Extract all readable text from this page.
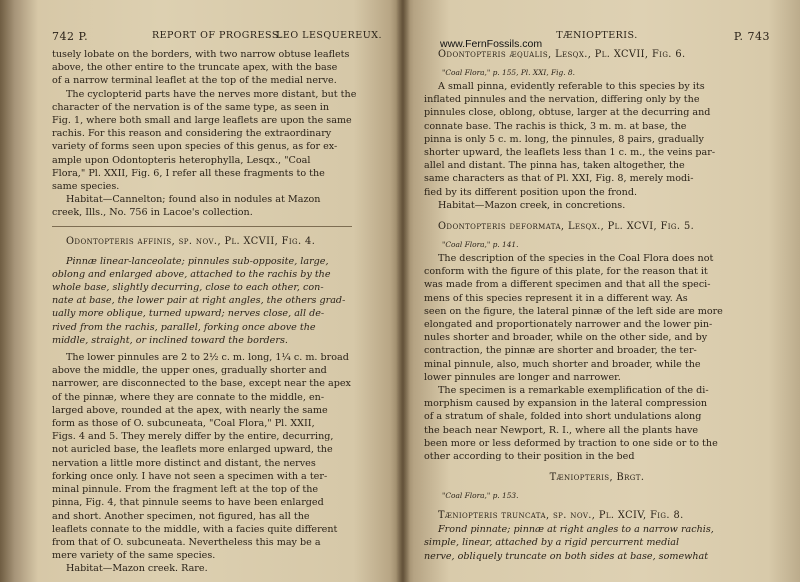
742 P.	REPORT OF PROGRESS.
LEO LESQUEREUX.

tusely lobate on the borders, with two narrow obtuse leaflets

above, the other entire to the truncate apex, with the base

of a narrow terminal leaflet at the top of the medial nerve.

The cyclopterid parts have the nerves more distant, but the

character of the nervation is of the same type, as seen in

Fig. 1, where both small and large leaflets are upon the same

rachis. For this reason and considering the extraordinary

variety of forms seen upon species of this genus, as for ex-

ample upon Odontopteris heterophylla, Lesqx., "Coal

Flora," Pl. XXII, Fig. 6, I refer all these fragments to the

same species.

Habitat—Cannelton; found also in nodules at Mazon

creek, Ills., No. 756 in Lacoe's collection.

Odontopteris affinis, sp. nov., Pl. XCVII, Fig. 4.

Pinnæ linear-lanceolate; pinnules sub-opposite, large,

oblong and enlarged above, attached to the rachis by the

whole base, slightly decurring, close to each other, con-

nate at base, the lower pair at right angles, the others grad-

ually more oblique, turned upward; nerves close, all de-

rived from the rachis, parallel, forking once above the

middle, straight, or inclined toward the borders.

The lower pinnules are 2 to 2½ c. m. long, 1¼ c. m. broad

above the middle, the upper ones, gradually shorter and

narrower, are disconnected to the base, except near the apex

of the pinnæ, where they are connate to the middle, en-

larged above, rounded at the apex, with nearly the same

form as those of O. subcuneata, "Coal Flora," Pl. XXII,

Figs. 4 and 5. They merely differ by the entire, decurring,

not auricled base, the leaflets more enlarged upward, the

nervation a little more distinct and distant, the nerves

forking once only. I have not seen a specimen with a ter-

minal pinnule. From the fragment left at the top of the

pinna, Fig. 4, that pinnule seems to have been enlarged

and short. Another specimen, not figured, has all the

leaflets connate to the middle, with a facies quite different

from that of O. subcuneata. Nevertheless this may be a

mere variety of the same species.

Habitat—Mazon creek. Rare.

TÆNIOPTERIS.	P. 743

Odontopteris æqualis, Lesqx., Pl. XCVII, Fig. 6.

"Coal Flora," p. 155, Pl. XXI, Fig. 8.

A small pinna, evidently referable to this species by its

inflated pinnules and the nervation, differing only by the

pinnules close, oblong, obtuse, larger at the decurring and

connate base. The rachis is thick, 3 m. m. at base, the

pinna is only 5 c. m. long, the pinnules, 8 pairs, gradually

shorter upward, the leaflets less than 1 c. m., the veins par-

allel and distant. The pinna has, taken altogether, the

same characters as that of Pl. XXI, Fig. 8, merely modi-

fied by its different position upon the frond.

Habitat—Mazon creek, in concretions.

Odontopteris deformata, Lesqx., Pl. XCVI, Fig. 5.

"Coal Flora," p. 141.

The description of the species in the Coal Flora does not

conform with the figure of this plate, for the reason that it

was made from a different specimen and that all the speci-

mens of this species represent it in a different way. As

seen on the figure, the lateral pinnæ of the left side are more

elongated and proportionately narrower and the lower pin-

nules shorter and broader, while on the other side, and by

contraction, the pinnæ are shorter and broader, the ter-

minal pinnule, also, much shorter and broader, while the

lower pinnules are longer and narrower.

The specimen is a remarkable exemplification of the di-

morphism caused by expansion in the lateral compression

of a stratum of shale, folded into short undulations along

the beach near Newport, R. I., where all the plants have

been more or less deformed by traction to one side or to the

other according to their position in the bed

Tæniopteris, Brgt.

"Coal Flora," p. 153.

Tæniopteris truncata, sp. nov., Pl. XCIV, Fig. 8.

Frond pinnate; pinnæ at right angles to a narrow rachis,

simple, linear, attached by a rigid percurrent medial

nerve, obliquely truncate on both sides at base, somewhat

www.FernFossils.com
